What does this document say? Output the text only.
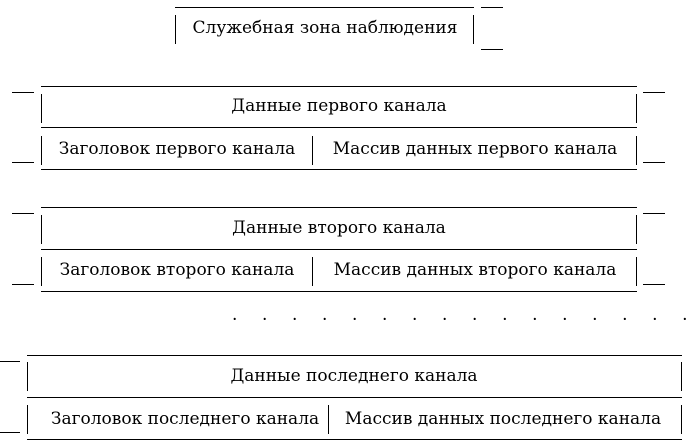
Служебная зона наблюдения
Данные первого канала
Заголовок первого канала Массив данных первого канала
Данные второго канала
Заголовок второго канала Массив данных второго канала
· · · · · · · · · · · · · · · ·
Данные последнего канала
Заголовок последнего канала Массив данных последнего канала
